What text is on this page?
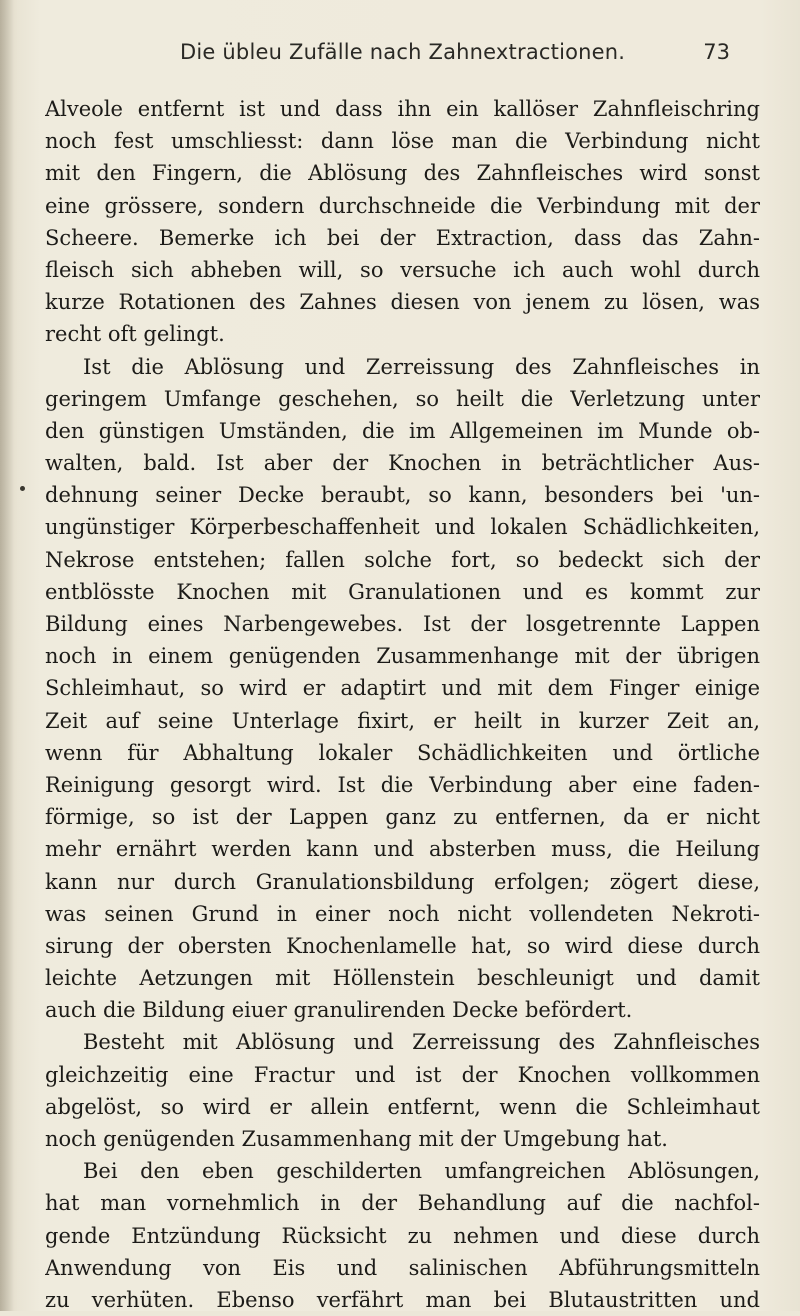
Die übleu Zufälle nach Zahnextractionen.	73
Alveole entfernt ist und dass ihn ein kallöser Zahnfleischring
noch fest umschliesst: dann löse man die Verbindung nicht
mit den Fingern, die Ablösung des Zahnfleisches wird sonst
eine grössere, sondern durchschneide die Verbindung mit der
Scheere. Bemerke ich bei der Extraction, dass das Zahn-
fleisch sich abheben will, so versuche ich auch wohl durch
kurze Rotationen des Zahnes diesen von jenem zu lösen, was
recht oft gelingt.
Ist die Ablösung und Zerreissung des Zahnfleisches in
geringem Umfange geschehen, so heilt die Verletzung unter
den günstigen Umständen, die im Allgemeinen im Munde ob-
walten, bald. Ist aber der Knochen in beträchtlicher Aus-
dehnung seiner Decke beraubt, so kann, besonders bei 'un-
ungünstiger Körperbeschaffenheit und lokalen Schädlichkeiten,
Nekrose entstehen; fallen solche fort, so bedeckt sich der
entblösste Knochen mit Granulationen und es kommt zur
Bildung eines Narbengewebes. Ist der losgetrennte Lappen
noch in einem genügenden Zusammenhange mit der übrigen
Schleimhaut, so wird er adaptirt und mit dem Finger einige
Zeit auf seine Unterlage fixirt, er heilt in kurzer Zeit an,
wenn für Abhaltung lokaler Schädlichkeiten und örtliche
Reinigung gesorgt wird. Ist die Verbindung aber eine faden-
förmige, so ist der Lappen ganz zu entfernen, da er nicht
mehr ernährt werden kann und absterben muss, die Heilung
kann nur durch Granulationsbildung erfolgen; zögert diese,
was seinen Grund in einer noch nicht vollendeten Nekroti-
sirung der obersten Knochenlamelle hat, so wird diese durch
leichte Aetzungen mit Höllenstein beschleunigt und damit
auch die Bildung eiuer granulirenden Decke befördert.
Besteht mit Ablösung und Zerreissung des Zahnfleisches
gleichzeitig eine Fractur und ist der Knochen vollkommen
abgelöst, so wird er allein entfernt, wenn die Schleimhaut
noch genügenden Zusammenhang mit der Umgebung hat.
Bei den eben geschilderten umfangreichen Ablösungen,
hat man vornehmlich in der Behandlung auf die nachfol-
gende Entzündung Rücksicht zu nehmen und diese durch
Anwendung von Eis und salinischen Abführungsmitteln
zu verhüten. Ebenso verfährt man bei Blutaustritten und
